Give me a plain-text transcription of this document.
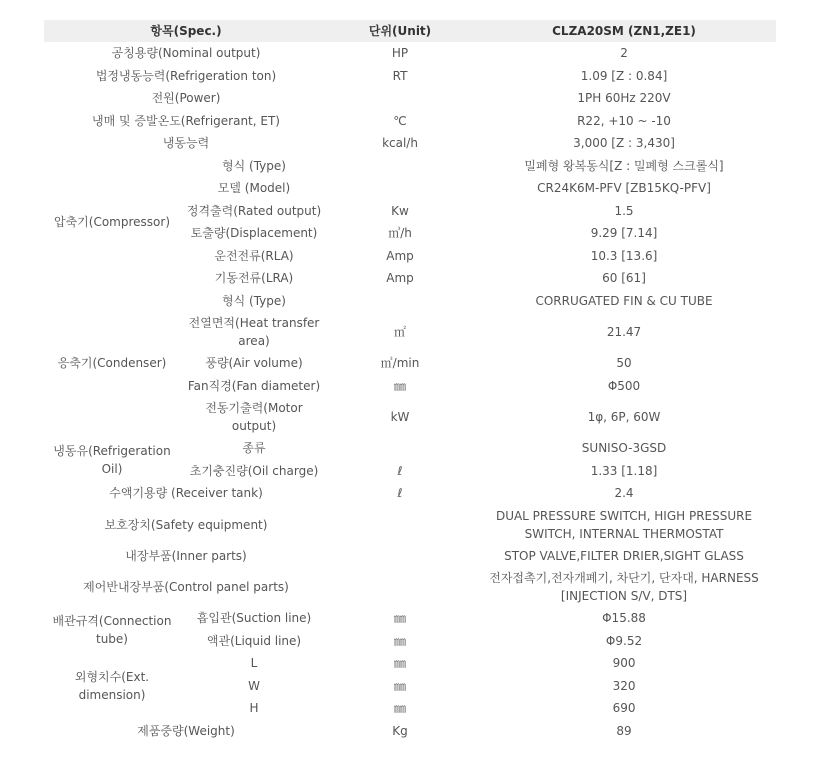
항목(Spec.)		단위(Unit)	CLZA20SM (ZN1,ZE1)
공칭용량(Nominal output)		HP	2
법정냉동능력(Refrigeration ton)		RT	1.09 [Z : 0.84]
전원(Power)			1PH 60Hz 220V
냉매 및 증발온도(Refrigerant, ET)		℃	R22, +10 ~ -10
냉동능력		kcal/h	3,000 [Z : 3,430]
압축기(Compressor)	형식 (Type)		밀폐형 왕복동식[Z : 밀폐형 스크롤식]
	모델 (Model)		CR24K6M-PFV [ZB15KQ-PFV]
	정격출력(Rated output)	Kw	1.5
	토출량(Displacement)	㎥/h	9.29 [7.14]
	운전전류(RLA)	Amp	10.3 [13.6]
	기동전류(LRA)	Amp	60 [61]
응축기(Condenser)	형식 (Type)		CORRUGATED FIN & CU TUBE
	전열면적(Heat transfer area)	㎡	21.47
	풍량(Air volume)	㎥/min	50
	Fan직경(Fan diameter)	㎜	Φ500
	전동기출력(Motor output)	kW	1φ, 6P, 60W
냉동유(Refrigeration Oil)	종류		SUNISO-3GSD
	초기충진량(Oil charge)	ℓ	1.33 [1.18]
수액기용량 (Receiver tank)		ℓ	2.4
보호장치(Safety equipment)			DUAL PRESSURE SWITCH, HIGH PRESSURE SWITCH, INTERNAL THERMOSTAT
내장부품(Inner parts)			STOP VALVE,FILTER DRIER,SIGHT GLASS
제어반내장부품(Control panel parts)			전자접촉기,전자개폐기, 차단기, 단자대, HARNESS [INJECTION S/V, DTS]
배관규격(Connection tube)	흡입관(Suction line)	㎜	Φ15.88
	액관(Liquid line)	㎜	Φ9.52
외형치수(Ext. dimension)	L	㎜	900
	W	㎜	320
	H	㎜	690
제품중량(Weight)		Kg	89
